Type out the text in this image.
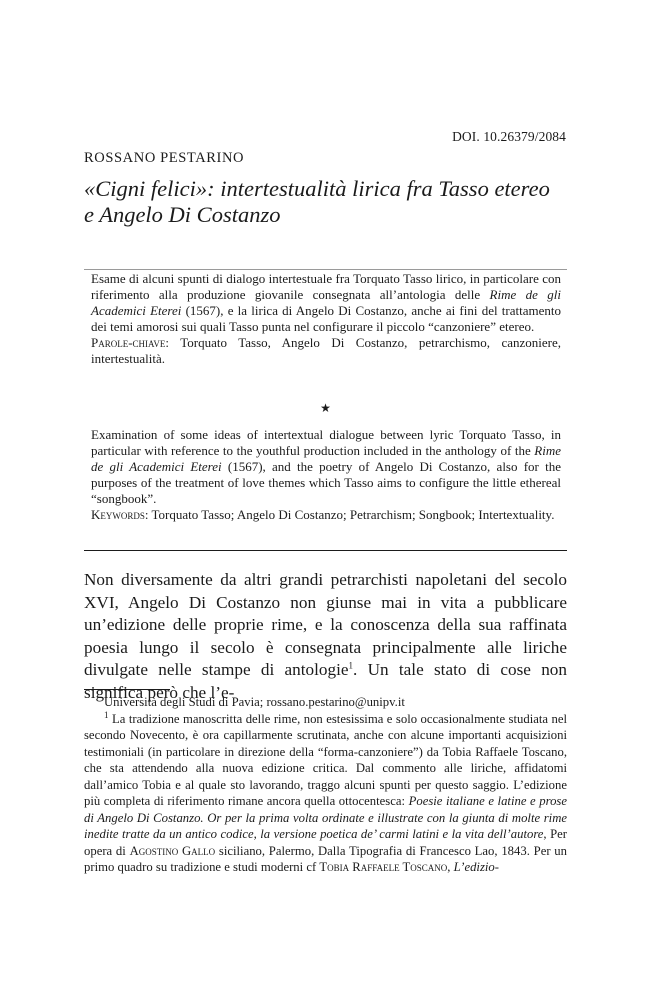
DOI. 10.26379/2084
ROSSANO PESTARINO
«Cigni felici»: intertestualità lirica fra Tasso etereo
e Angelo Di Costanzo

Esame di alcuni spunti di dialogo intertestuale fra Torquato Tasso lirico, in particolare con riferimento alla produzione giovanile consegnata all’antologia delle Rime de gli Academici Eterei (1567), e la lirica di Angelo Di Costanzo, anche ai fini del trattamento dei temi amorosi sui quali Tasso punta nel configurare il piccolo “canzoniere” etereo.

Parole-chiave: Torquato Tasso, Angelo Di Costanzo, petrarchismo, canzoniere, intertestualità.

★

Examination of some ideas of intertextual dialogue between lyric Torquato Tasso, in particular with reference to the youthful production included in the anthology of the Rime de gli Academici Eterei (1567), and the poetry of Angelo Di Costanzo, also for the purposes of the treatment of love themes which Tasso aims to configure the little ethereal “songbook”.

Keywords: Torquato Tasso; Angelo Di Costanzo; Petrarchism; Songbook; Intertextuality.

Non diversamente da altri grandi petrarchisti napoletani del secolo XVI, Angelo Di Costanzo non giunse mai in vita a pubblicare un’edizione delle proprie rime, e la conoscenza della sua raffinata poesia lungo il secolo è consegnata principalmente alle liriche divulgate nelle stampe di antologie$^1$. Un tale stato di cose non significa però che l’e-

Università degli Studi di Pavia; rossano.pestarino@unipv.it

$^1$ La tradizione manoscritta delle rime, non estesissima e solo occasionalmente studiata nel secondo Novecento, è ora capillarmente scrutinata, anche con alcune importanti acquisizioni testimoniali (in particolare in direzione della “forma-canzoniere”) da Tobia Raffaele Toscano, che sta attendendo alla nuova edizione critica. Dal commento alle liriche, affidatomi dall’amico Tobia e al quale sto lavorando, traggo alcuni spunti per questo saggio. L’edizione più completa di riferimento rimane ancora quella ottocentesca: Poesie italiane e latine e prose di Angelo Di Costanzo. Or per la prima volta ordinate e illustrate con la giunta di molte rime inedite tratte da un antico codice, la versione poetica de’ carmi latini e la vita dell’autore, Per opera di Agostino Gallo siciliano, Palermo, Dalla Tipografia di Francesco Lao, 1843. Per un primo quadro su tradizione e studi moderni cf Tobia Raffaele Toscano, L’edizio-
